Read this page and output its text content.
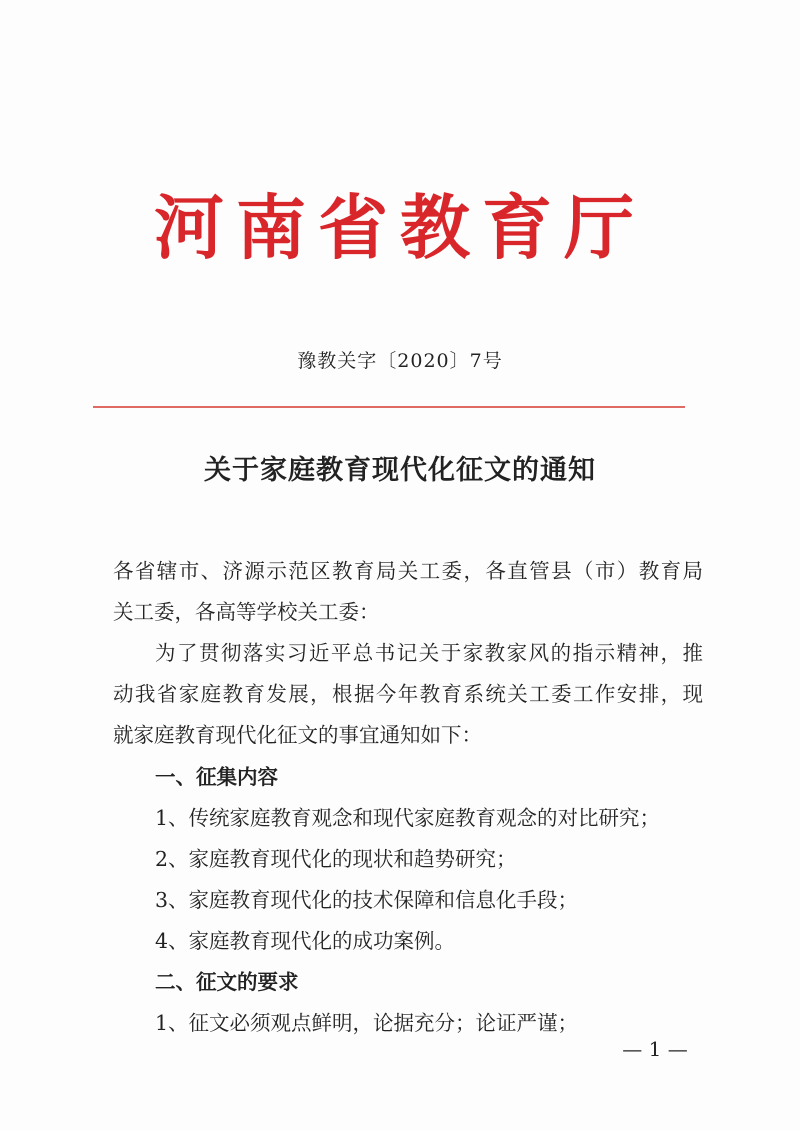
河南省教育厅
豫教关字〔2020〕7号
关于家庭教育现代化征文的通知
各省辖市、济源示范区教育局关工委，各直管县（市）教育局
关工委，各高等学校关工委：
为了贯彻落实习近平总书记关于家教家风的指示精神，推
动我省家庭教育发展，根据今年教育系统关工委工作安排，现
就家庭教育现代化征文的事宜通知如下：
一、征集内容
1、传统家庭教育观念和现代家庭教育观念的对比研究；
2、家庭教育现代化的现状和趋势研究；
3、家庭教育现代化的技术保障和信息化手段；
4、家庭教育现代化的成功案例。
二、征文的要求
1、征文必须观点鲜明，论据充分；论证严谨；
— 1 —
